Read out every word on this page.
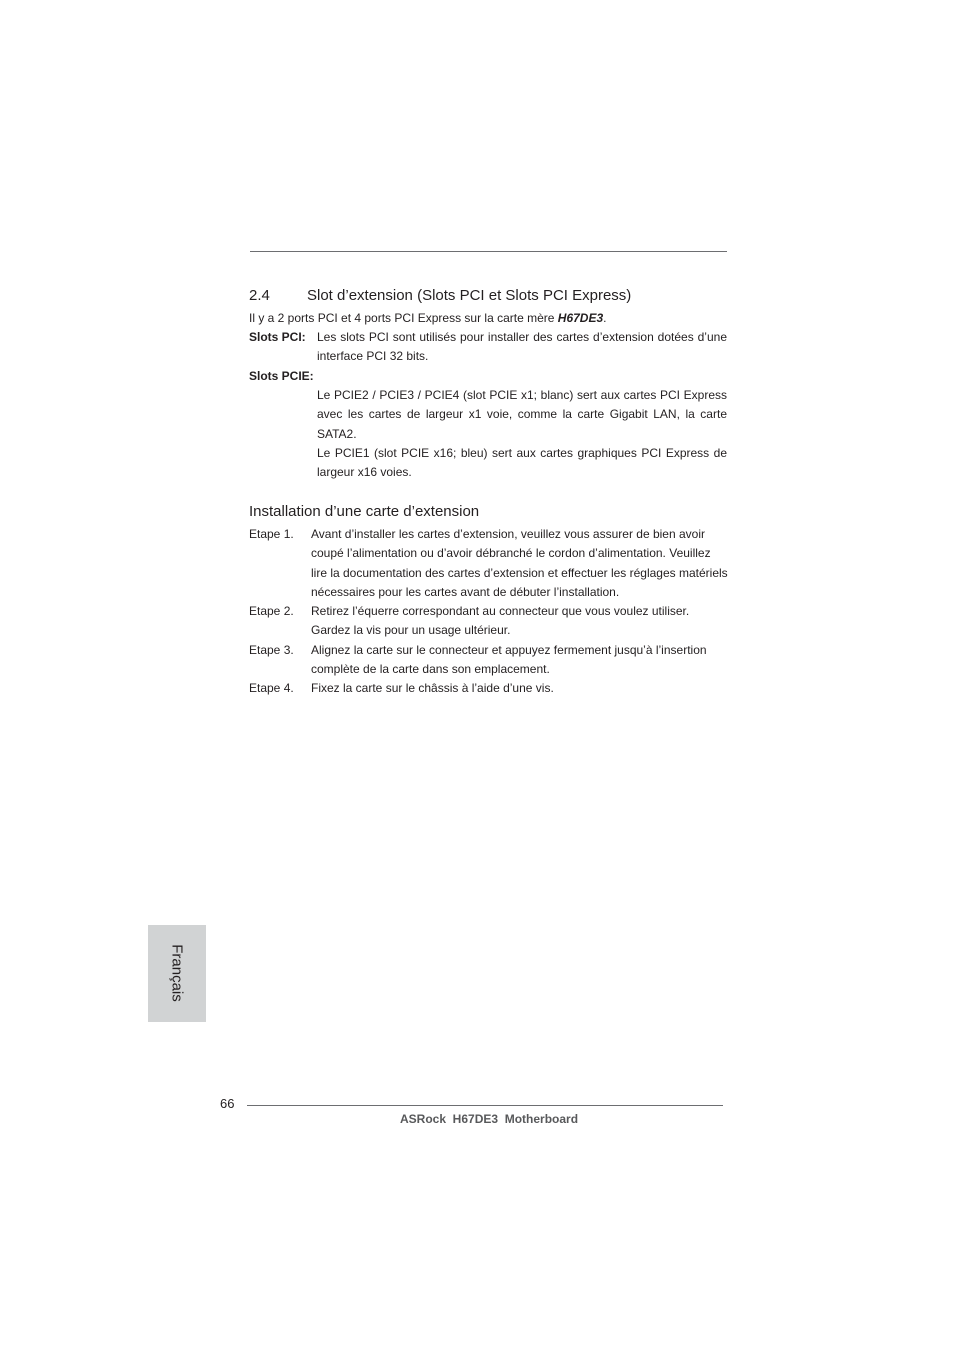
2.4 Slot d’extension (Slots PCI et Slots PCI Express)
Il y a 2 ports PCI et 4 ports PCI Express sur la carte mère H67DE3.
Slots PCI: Les slots PCI sont utilisés pour installer des cartes d’extension dotées d’une interface PCI 32 bits.
Slots PCIE:

Le PCIE2 / PCIE3 / PCIE4 (slot PCIE x1; blanc) sert aux cartes PCI Express avec les cartes de largeur x1 voie, comme la carte Gigabit LAN, la carte SATA2.

Le PCIE1 (slot PCIE x16; bleu) sert aux cartes graphiques PCI Express de largeur x16 voies.

Installation d’une carte d’extension
Etape 1. Avant d’installer les cartes d’extension, veuillez vous assurer de bien avoir coupé l’alimentation ou d’avoir débranché le cordon d’alimentation. Veuillez lire la documentation des cartes d’extension et effectuer les réglages matériels nécessaires pour les cartes avant de débuter l’installation.
Etape 2. Retirez l’équerre correspondant au connecteur que vous voulez utiliser. Gardez la vis pour un usage ultérieur.
Etape 3. Alignez la carte sur le connecteur et appuyez fermement jusqu’à l’insertion complète de la carte dans son emplacement.
Etape 4. Fixez la carte sur le châssis à l’aide d’une vis.
Français
66
ASRock  H67DE3  Motherboard
